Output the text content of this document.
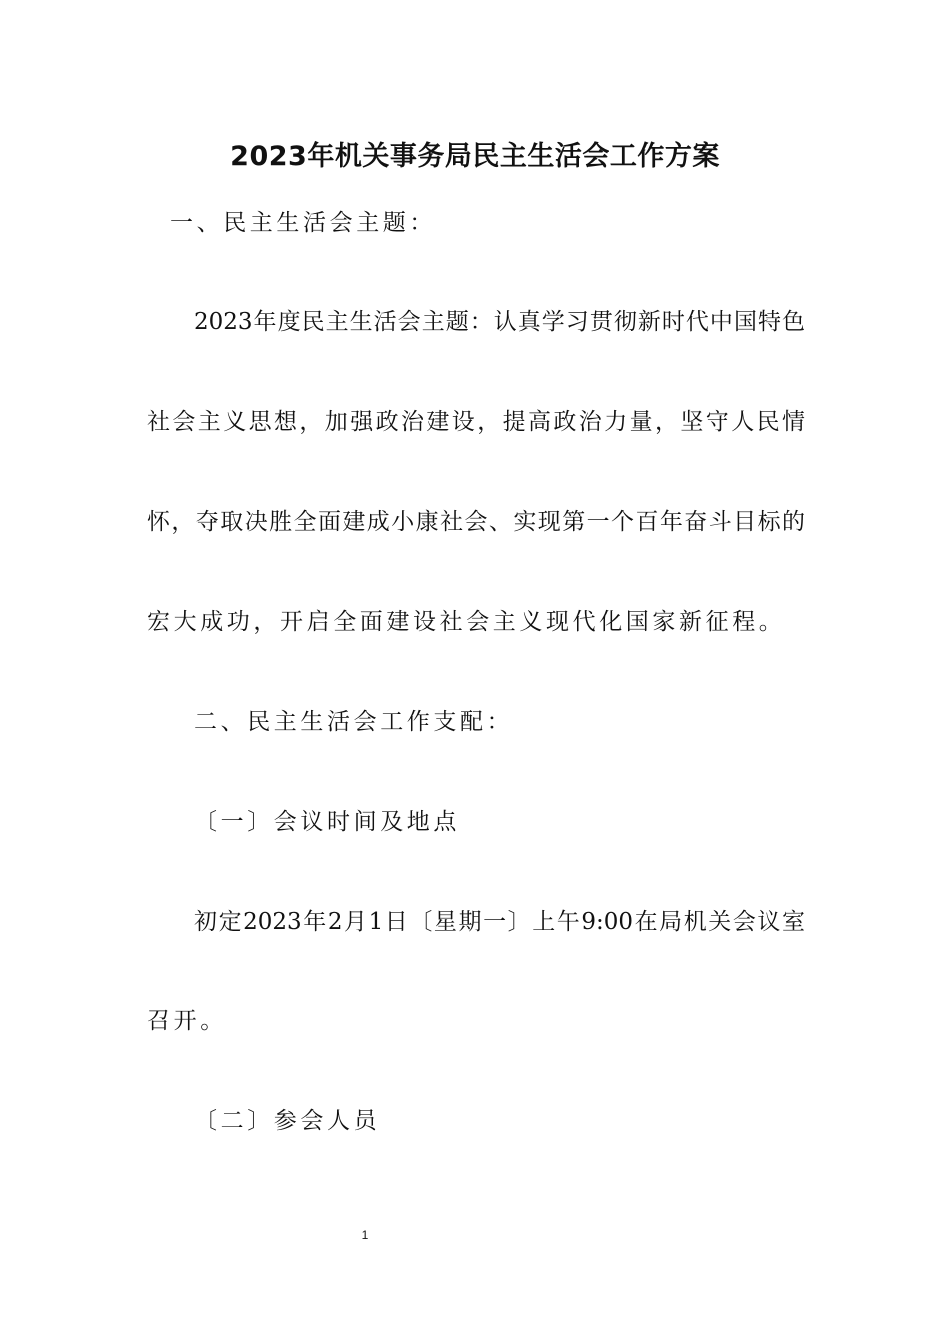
2023年机关事务局民主生活会工作方案
一、民主生活会主题：
2023年度民主生活会主题：认真学习贯彻新时代中国特色
社会主义思想，加强政治建设，提高政治力量，坚守人民情
怀，夺取决胜全面建成小康社会、实现第一个百年奋斗目标的
宏大成功，开启全面建设社会主义现代化国家新征程。
二、民主生活会工作支配：
〔一〕会议时间及地点
初定2023年2月1日〔星期一〕上午9:00在局机关会议室
召开。
〔二〕参会人员
1
